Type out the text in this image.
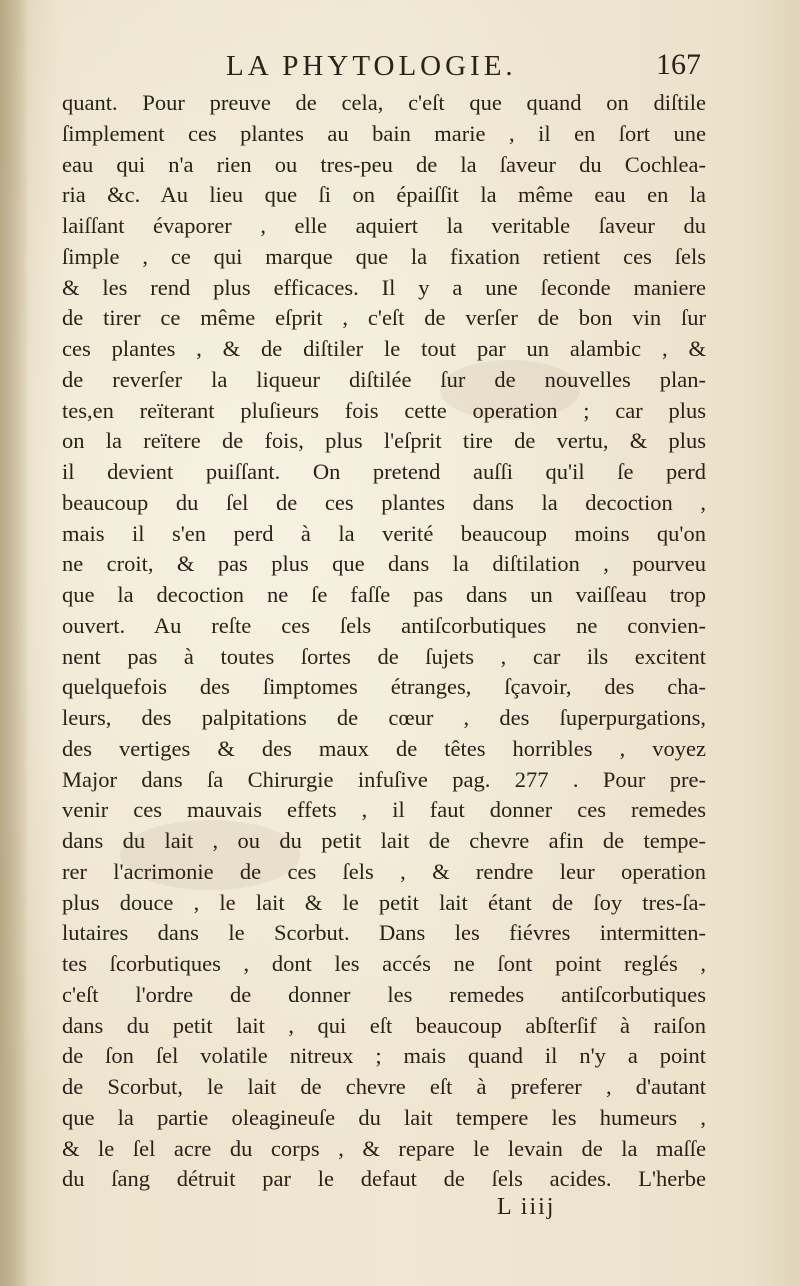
LA PHYTOLOGIE.	167
quant. Pour preuve de cela, c'eſt que quand on diſtile
ſimplement ces plantes au bain marie , il en ſort une
eau qui n'a rien ou tres-peu de la ſaveur du Cochlea-
ria &c. Au lieu que ſi on épaiſſit la même eau en la
laiſſant évaporer , elle aquiert la veritable ſaveur du
ſimple , ce qui marque que la fixation retient ces ſels
& les rend plus efficaces. Il y a une ſeconde maniere
de tirer ce même eſprit , c'eſt de verſer de bon vin ſur
ces plantes , & de diſtiler le tout par un alambic , &
de reverſer la liqueur diſtilée ſur de nouvelles plan-
tes,en reïterant pluſieurs fois cette operation ; car plus
on la reïtere de fois, plus l'eſprit tire de vertu, & plus
il devient puiſſant. On pretend auſſi qu'il ſe perd
beaucoup du ſel de ces plantes dans la decoction ,
mais il s'en perd à la verité beaucoup moins qu'on
ne croit, & pas plus que dans la diſtilation , pourveu
que la decoction ne ſe faſſe pas dans un vaiſſeau trop
ouvert. Au reſte ces ſels antiſcorbutiques ne convien-
nent pas à toutes ſortes de ſujets , car ils excitent
quelquefois des ſimptomes étranges, ſçavoir, des cha-
leurs, des palpitations de cœur , des ſuperpurgations,
des vertiges & des maux de têtes horribles , voyez
Major dans ſa Chirurgie infuſive pag. 277 . Pour pre-
venir ces mauvais effets , il faut donner ces remedes
dans du lait , ou du petit lait de chevre afin de tempe-
rer l'acrimonie de ces ſels , & rendre leur operation
plus douce , le lait & le petit lait étant de ſoy tres-ſa-
lutaires dans le Scorbut. Dans les fiévres intermitten-
tes ſcorbutiques , dont les accés ne ſont point reglés ,
c'eſt l'ordre de donner les remedes antiſcorbutiques
dans du petit lait , qui eſt beaucoup abſterſif à raiſon
de ſon ſel volatile nitreux ; mais quand il n'y a point
de Scorbut, le lait de chevre eſt à preferer , d'autant
que la partie oleagineuſe du lait tempere les humeurs ,
& le ſel acre du corps , & repare le levain de la maſſe
du ſang détruit par le defaut de ſels acides. L'herbe
L iiij
